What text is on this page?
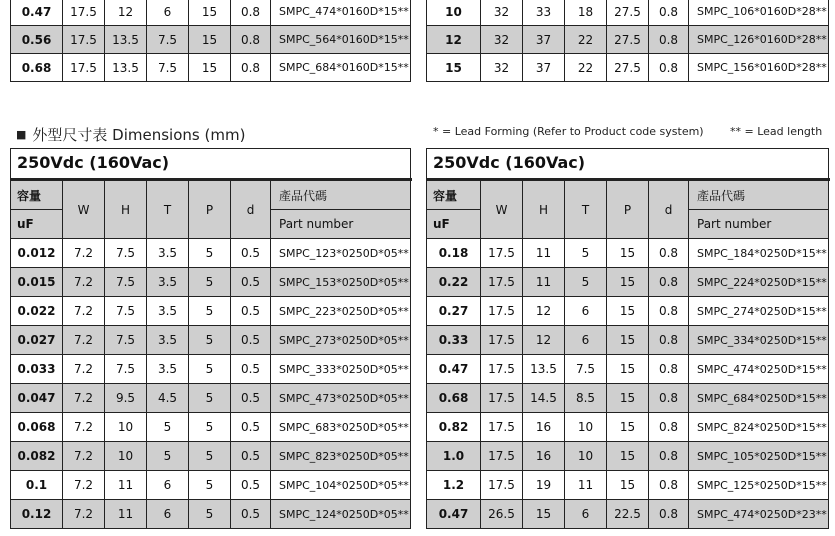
0.47	17.5	12	6	15	0.8	SMPC_474*0160D*15**
0.56	17.5	13.5	7.5	15	0.8	SMPC_564*0160D*15**
0.68	17.5	13.5	7.5	15	0.8	SMPC_684*0160D*15**
10	32	33	18	27.5	0.8	SMPC_106*0160D*28**
12	32	37	22	27.5	0.8	SMPC_126*0160D*28**
15	32	37	22	27.5	0.8	SMPC_156*0160D*28**
■ 外型尺寸表 Dimensions (mm)	* = Lead Forming (Refer to Product code system) ** = Lead length
250Vdc (160Vac)
容量	W	H	T	P	d	產品代碼
uF						Part number
0.012	7.2	7.5	3.5	5	0.5	SMPC_123*0250D*05**
0.015	7.2	7.5	3.5	5	0.5	SMPC_153*0250D*05**
0.022	7.2	7.5	3.5	5	0.5	SMPC_223*0250D*05**
0.027	7.2	7.5	3.5	5	0.5	SMPC_273*0250D*05**
0.033	7.2	7.5	3.5	5	0.5	SMPC_333*0250D*05**
0.047	7.2	9.5	4.5	5	0.5	SMPC_473*0250D*05**
0.068	7.2	10	5	5	0.5	SMPC_683*0250D*05**
0.082	7.2	10	5	5	0.5	SMPC_823*0250D*05**
0.1	7.2	11	6	5	0.5	SMPC_104*0250D*05**
0.12	7.2	11	6	5	0.5	SMPC_124*0250D*05**
250Vdc (160Vac)
容量	W	H	T	P	d	產品代碼
uF						Part number
0.18	17.5	11	5	15	0.8	SMPC_184*0250D*15**
0.22	17.5	11	5	15	0.8	SMPC_224*0250D*15**
0.27	17.5	12	6	15	0.8	SMPC_274*0250D*15**
0.33	17.5	12	6	15	0.8	SMPC_334*0250D*15**
0.47	17.5	13.5	7.5	15	0.8	SMPC_474*0250D*15**
0.68	17.5	14.5	8.5	15	0.8	SMPC_684*0250D*15**
0.82	17.5	16	10	15	0.8	SMPC_824*0250D*15**
1.0	17.5	16	10	15	0.8	SMPC_105*0250D*15**
1.2	17.5	19	11	15	0.8	SMPC_125*0250D*15**
0.47	26.5	15	6	22.5	0.8	SMPC_474*0250D*23**
